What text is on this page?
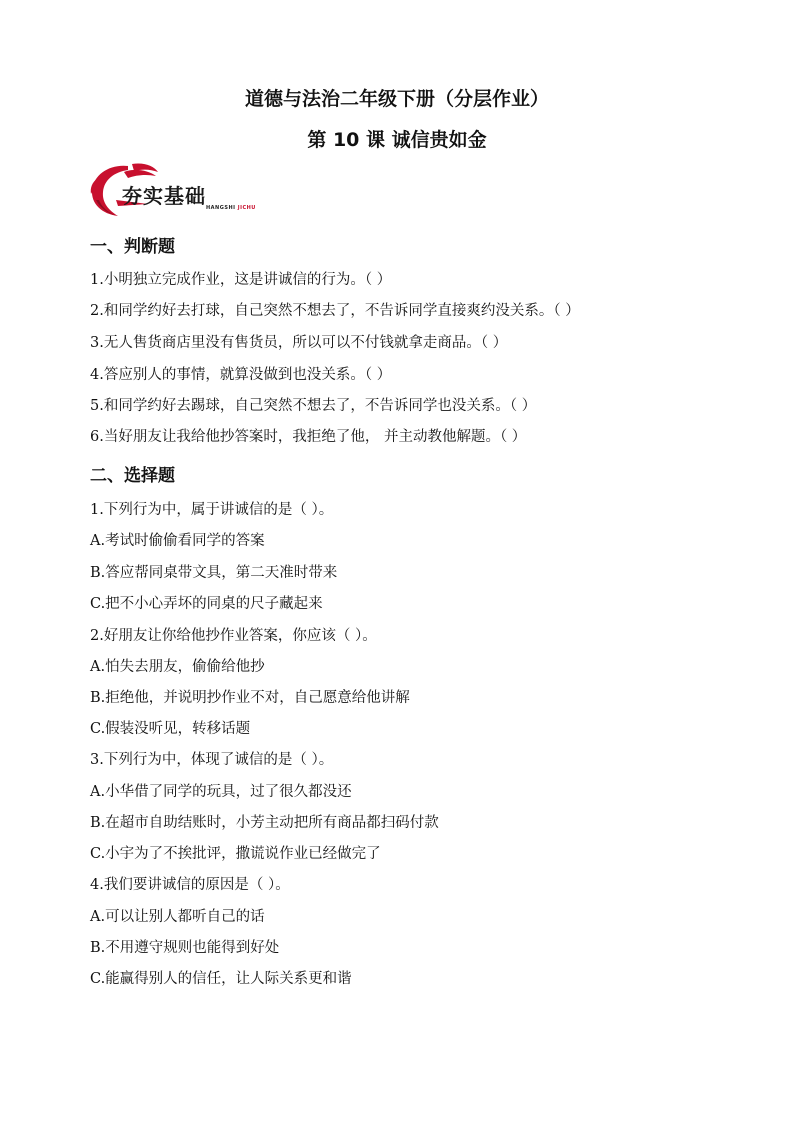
道德与法治二年级下册（分层作业）
第 10 课 诚信贵如金
夯实基础 HANGSHI JICHU
一、判断题
1.小明独立完成作业，这是讲诚信的行为。（ ）
2.和同学约好去打球，自己突然不想去了，不告诉同学直接爽约没关系。（ ）
3.无人售货商店里没有售货员，所以可以不付钱就拿走商品。（ ）
4.答应别人的事情，就算没做到也没关系。（ ）
5.和同学约好去踢球，自己突然不想去了，不告诉同学也没关系。（ ）
6.当好朋友让我给他抄答案时，我拒绝了他， 并主动教他解题。（ ）
二、选择题
1.下列行为中，属于讲诚信的是（ ）。
A.考试时偷偷看同学的答案
B.答应帮同桌带文具，第二天准时带来
C.把不小心弄坏的同桌的尺子藏起来
2.好朋友让你给他抄作业答案，你应该（ ）。
A.怕失去朋友，偷偷给他抄
B.拒绝他，并说明抄作业不对，自己愿意给他讲解
C.假装没听见，转移话题
3.下列行为中，体现了诚信的是（ ）。
A.小华借了同学的玩具，过了很久都没还
B.在超市自助结账时，小芳主动把所有商品都扫码付款
C.小宇为了不挨批评，撒谎说作业已经做完了
4.我们要讲诚信的原因是（ ）。
A.可以让别人都听自己的话
B.不用遵守规则也能得到好处
C.能赢得别人的信任，让人际关系更和谐
